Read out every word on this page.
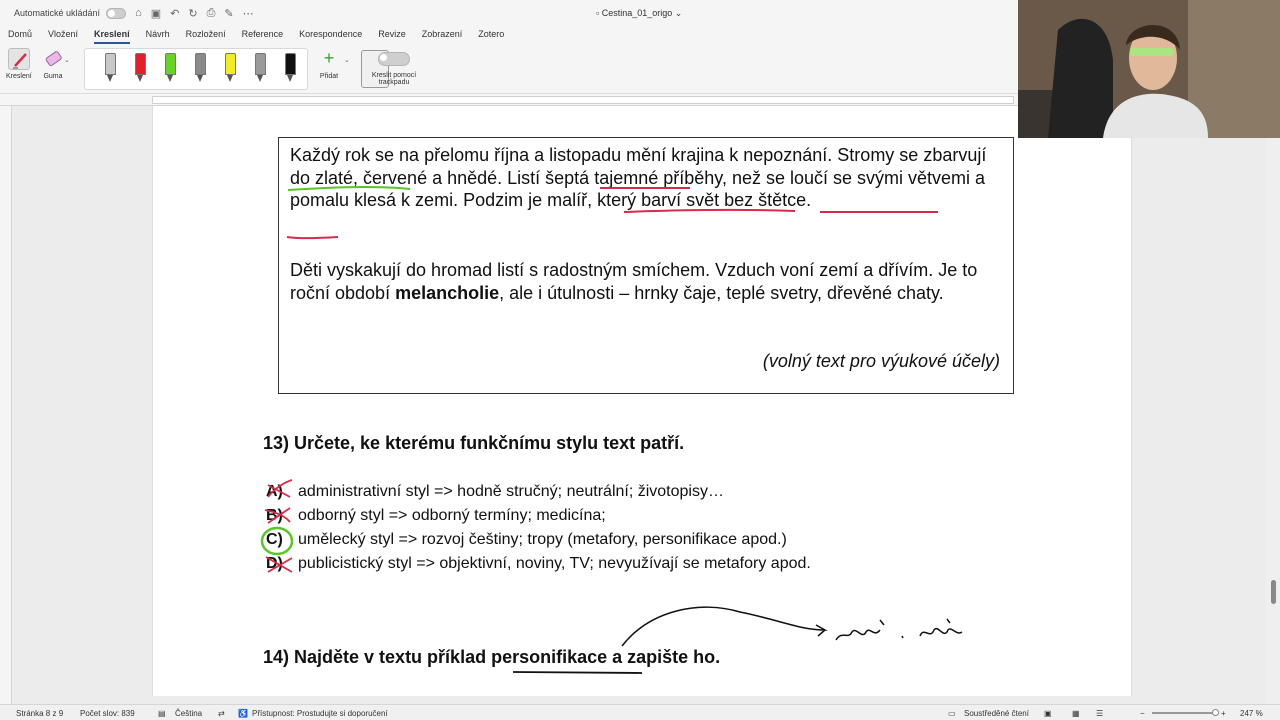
Automatické ukládání	⌂ ▣ ↶ ↻ ⎙ ✎ ⋯	▫ Cestina_01_origo ⌄
Domů Vložení Kreslení Návrh Rozložení Reference Korespondence Revize Zobrazení Zotero
Kreslení Guma
⌄	+
Přidat
⌄
Kreslit pomocí trackpadu
Každý rok se na přelomu října a listopadu mění krajina k nepoznání. Stromy se zbarvují do zlaté, červené a hnědé. Listí šeptá tajemné příběhy, než se loučí se svými větvemi a pomalu klesá k zemi. Podzim je malíř, který barví svět bez štětce.
Děti vyskakují do hromad listí s radostným smíchem. Vzduch voní zemí a dřívím. Je to roční období melancholie, ale i útulnosti – hrnky čaje, teplé svetry, dřevěné chaty.
(volný text pro výukové účely)
13) Určete, ke kterému funkčnímu stylu text patří.
A) administrativní styl => hodně stručný; neutrální; životopisy…
B) odborný styl => odborný termíny; medicína;
C) umělecký styl => rozvoj češtiny; tropy (metafory, personifikace apod.)
D) publicistický styl => objektivní, noviny, TV; nevyužívají se metafory apod.
14) Najděte v textu příklad personifikace a zapište ho.
Stránka 8 z 9 Počet slov: 839	▤ Čeština ⇄ ♿ Přístupnost: Prostudujte si doporučení	▭ Soustředěné čtení ▣	▦ ☰	−	+ 247 %
